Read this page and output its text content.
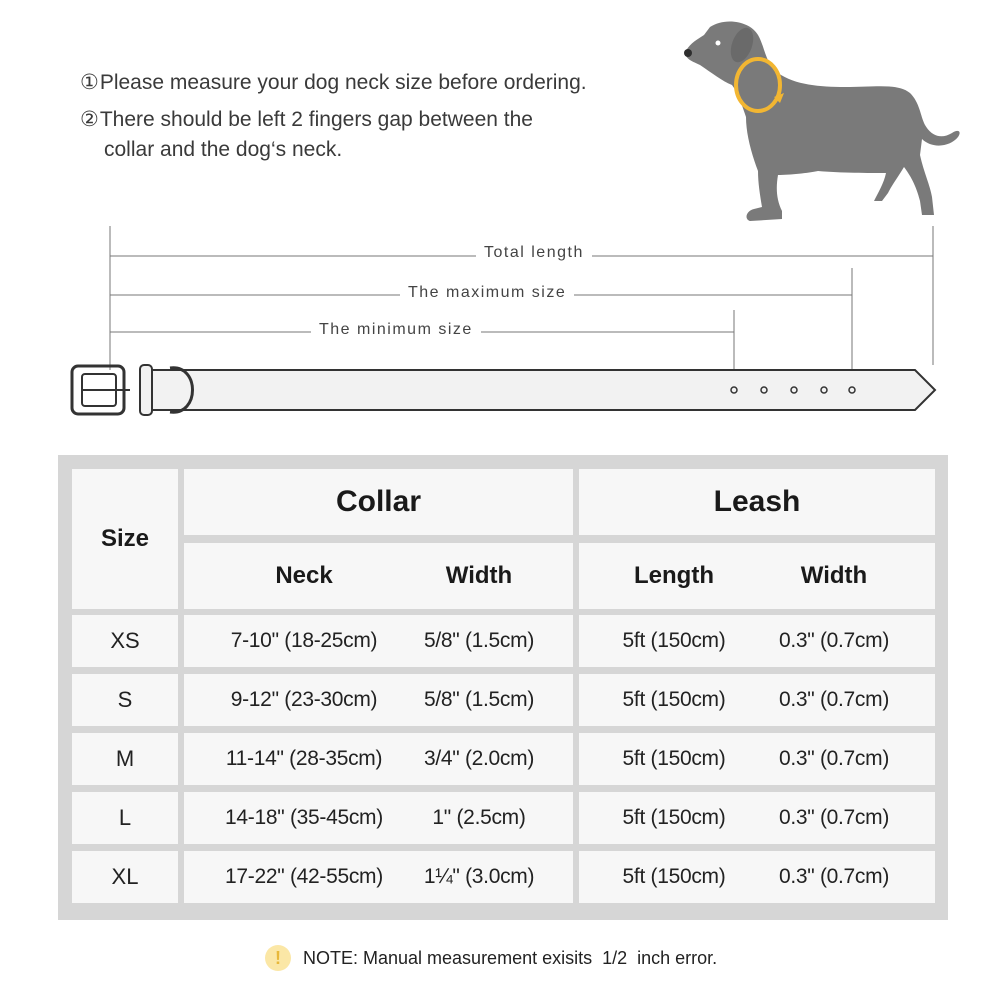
①Please measure your dog neck size before ordering.
②There should be left 2 fingers gap between the
collar and the dog‘s neck.
Total length
The maximum size
The minimum size
Size
Collar	Leash
Neck	Width	Length	Width
XS	7-10" (18-25cm)	5/8" (1.5cm)	5ft (150cm)	0.3" (0.7cm)
S	9-12" (23-30cm)	5/8" (1.5cm)	5ft (150cm)	0.3" (0.7cm)
M	11-14" (28-35cm)	3/4" (2.0cm)	5ft (150cm)	0.3" (0.7cm)
L	14-18" (35-45cm)	1" (2.5cm)	5ft (150cm)	0.3" (0.7cm)
XL	17-22" (42-55cm)	1¼" (3.0cm)	5ft (150cm)	0.3" (0.7cm)
!	NOTE: Manual measurement exisits  1/2  inch error.
